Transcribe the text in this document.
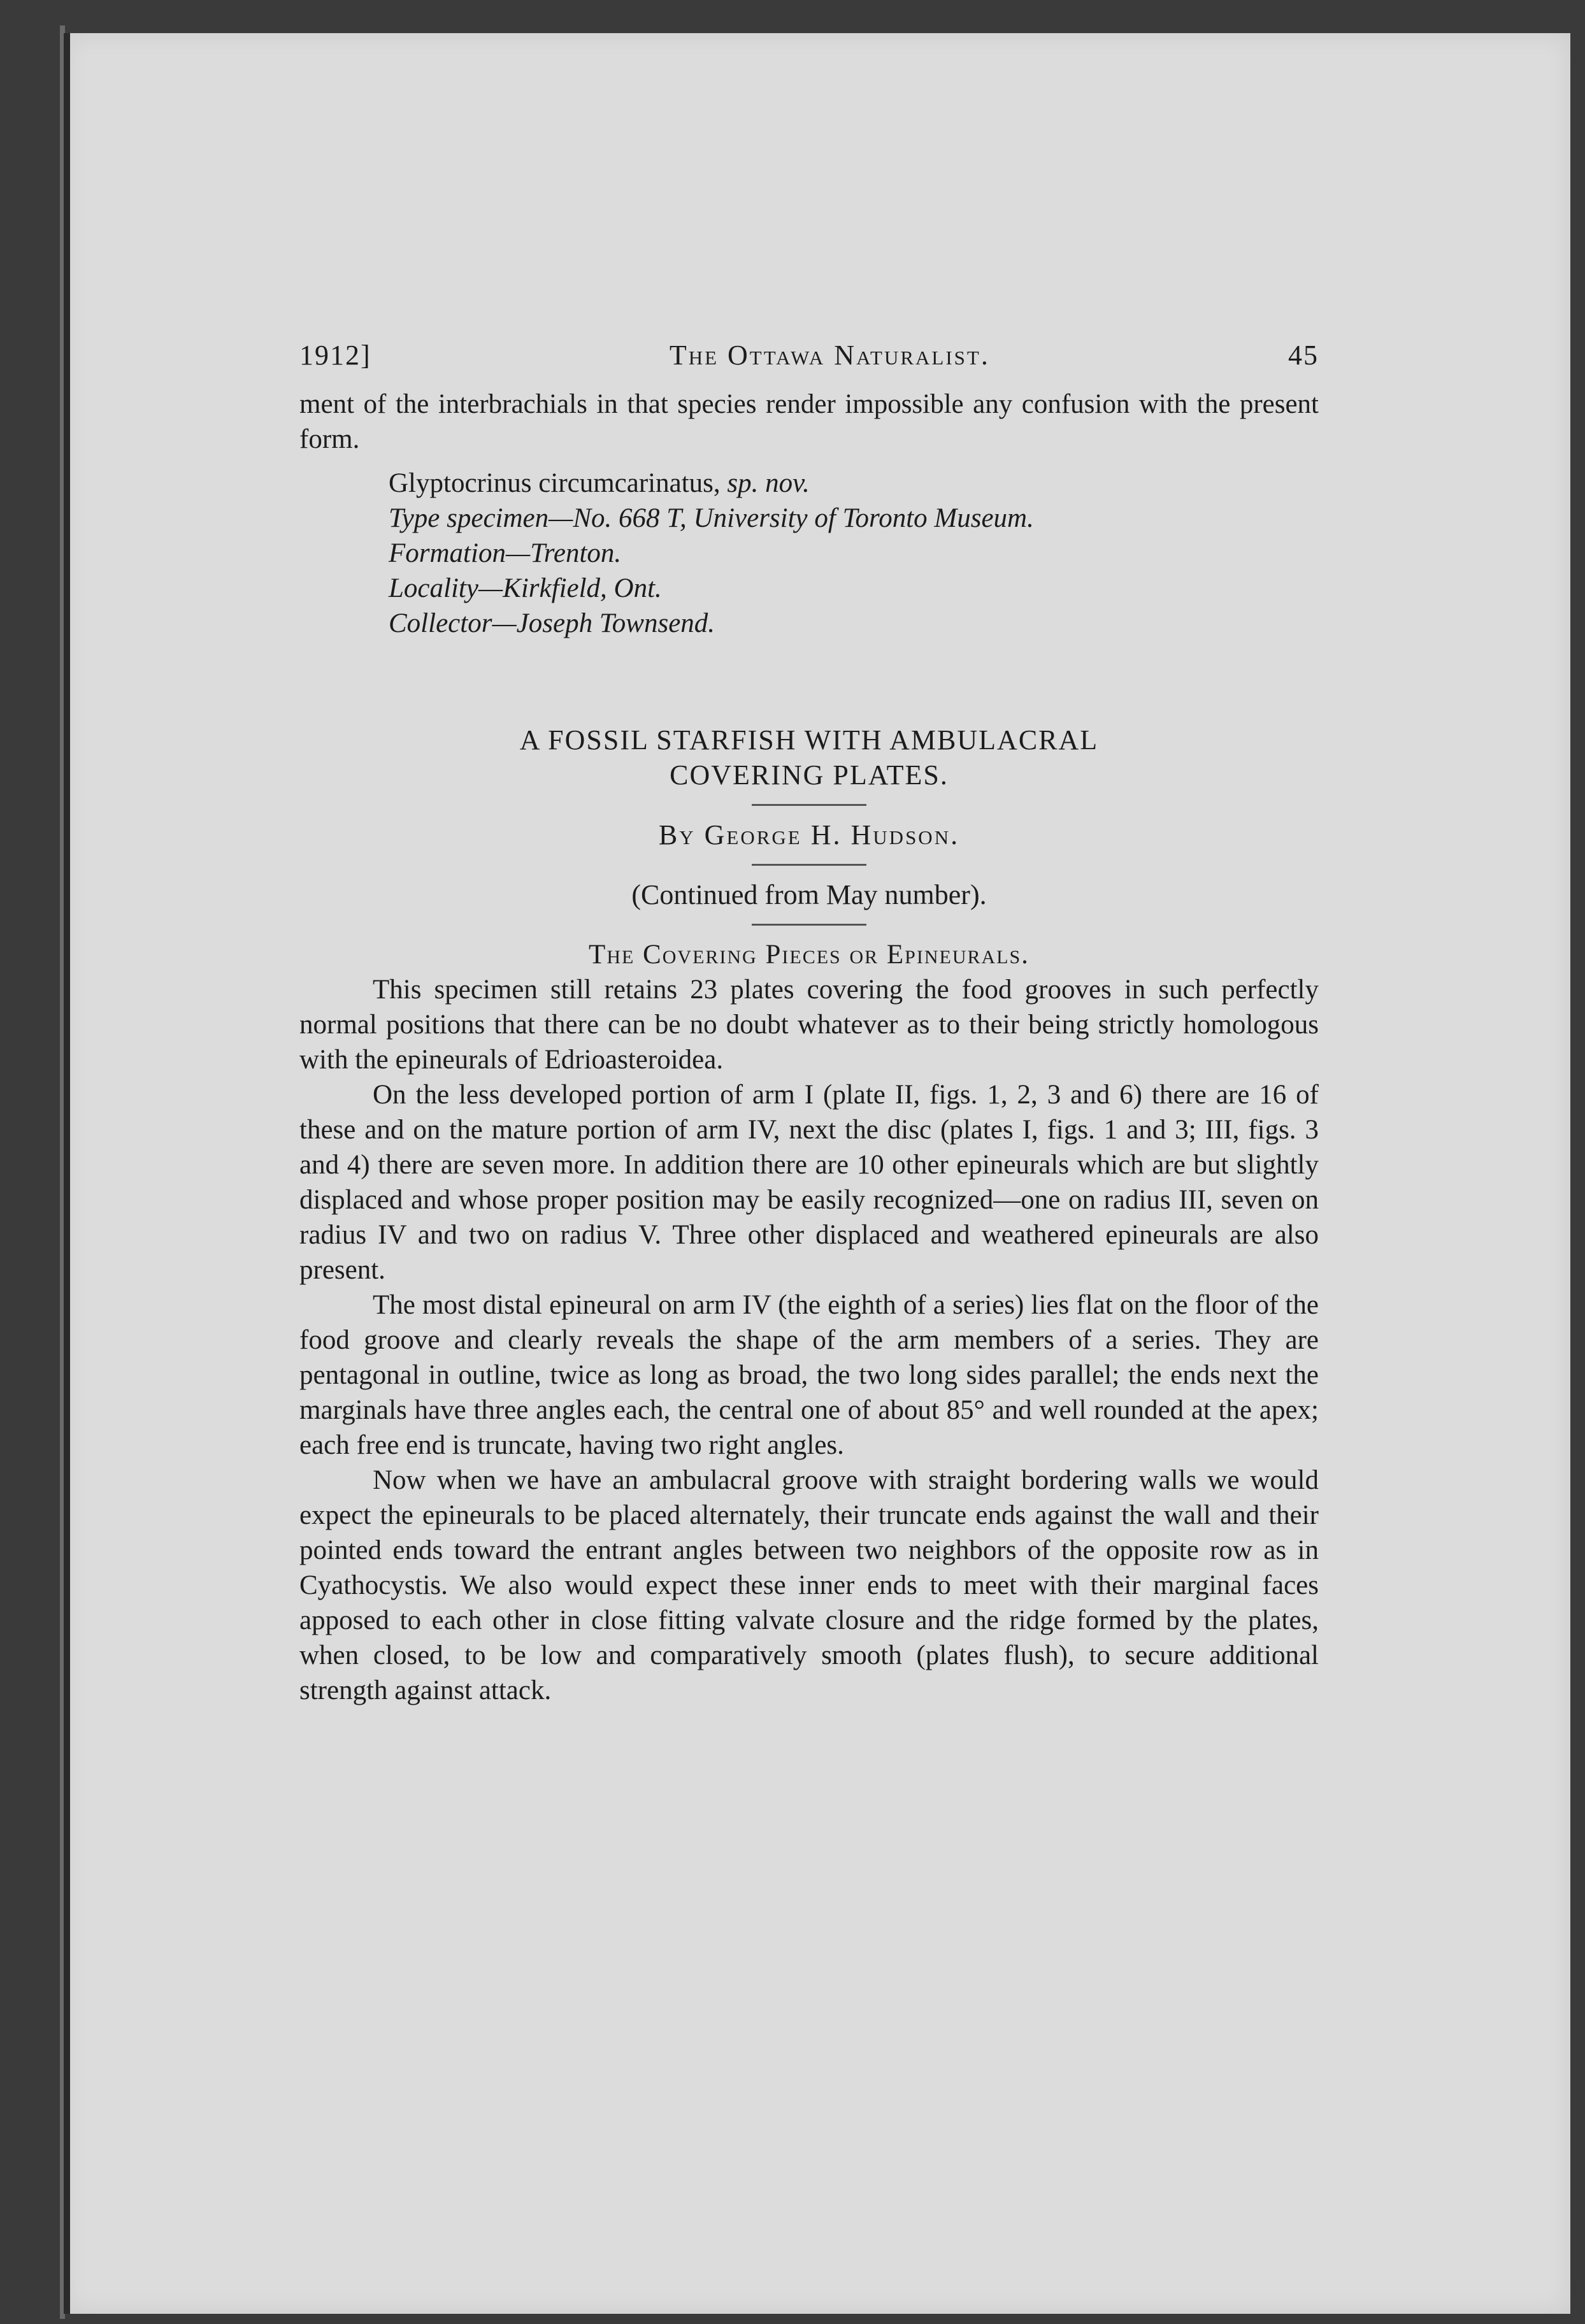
1912]	The Ottawa Naturalist.	45

ment of the interbrachials in that species render impossible any confusion with the present form.

Glyptocrinus circumcarinatus, sp. nov.
Type specimen—No. 668 T, University of Toronto Museum.
Formation—Trenton.
Locality—Kirkfield, Ont.
Collector—Joseph Townsend.
A FOSSIL STARFISH WITH AMBULACRAL
COVERING PLATES.
By George H. Hudson.
(Continued from May number).
The Covering Pieces or Epineurals.

This specimen still retains 23 plates covering the food grooves in such perfectly normal positions that there can be no doubt whatever as to their being strictly homologous with the epineurals of Edrioasteroidea.

On the less developed portion of arm I (plate II, figs. 1, 2, 3 and 6) there are 16 of these and on the mature portion of arm IV, next the disc (plates I, figs. 1 and 3; III, figs. 3 and 4) there are seven more. In addition there are 10 other epineurals which are but slightly displaced and whose proper position may be easily recognized—one on radius III, seven on radius IV and two on radius V. Three other displaced and weathered epineurals are also present.

The most distal epineural on arm IV (the eighth of a series) lies flat on the floor of the food groove and clearly reveals the shape of the arm members of a series. They are pentagonal in outline, twice as long as broad, the two long sides parallel; the ends next the marginals have three angles each, the central one of about 85° and well rounded at the apex; each free end is truncate, having two right angles.

Now when we have an ambulacral groove with straight bordering walls we would expect the epineurals to be placed alternately, their truncate ends against the wall and their pointed ends toward the entrant angles between two neighbors of the opposite row as in Cyathocystis. We also would expect these inner ends to meet with their marginal faces apposed to each other in close fitting valvate closure and the ridge formed by the plates, when closed, to be low and comparatively smooth (plates flush), to secure additional strength against attack.
